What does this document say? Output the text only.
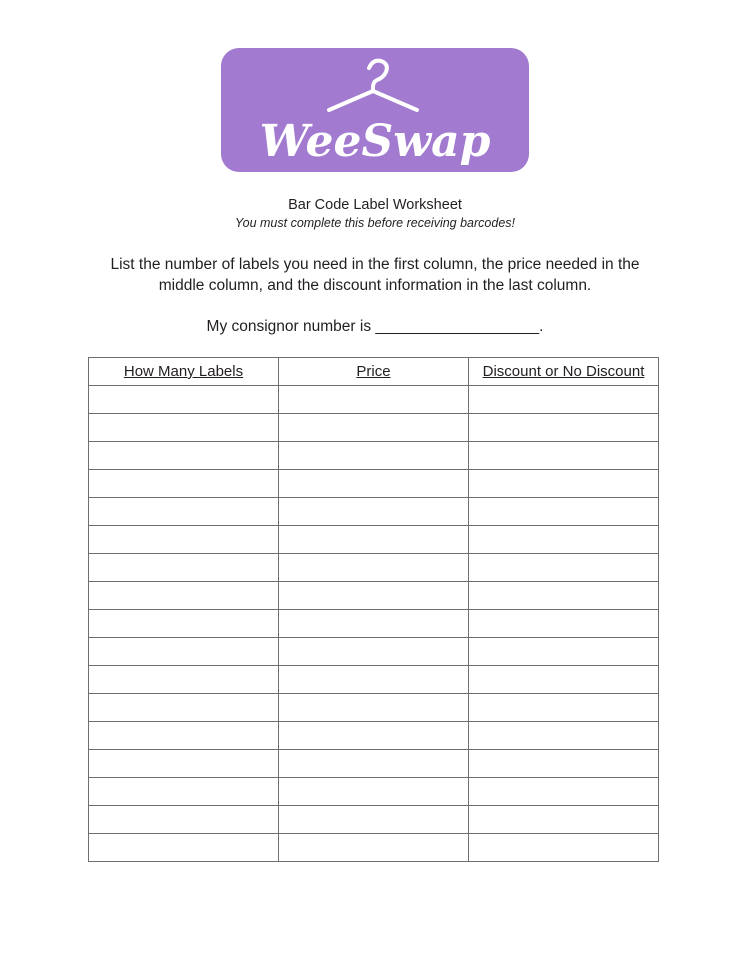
WeeSwap
Bar Code Label Worksheet
You must complete this before receiving barcodes!
List the number of labels you need in the first column, the price needed in the middle column, and the discount information in the last column.
My consignor number is ___________________.
How Many Labels	Price	Discount or No Discount
